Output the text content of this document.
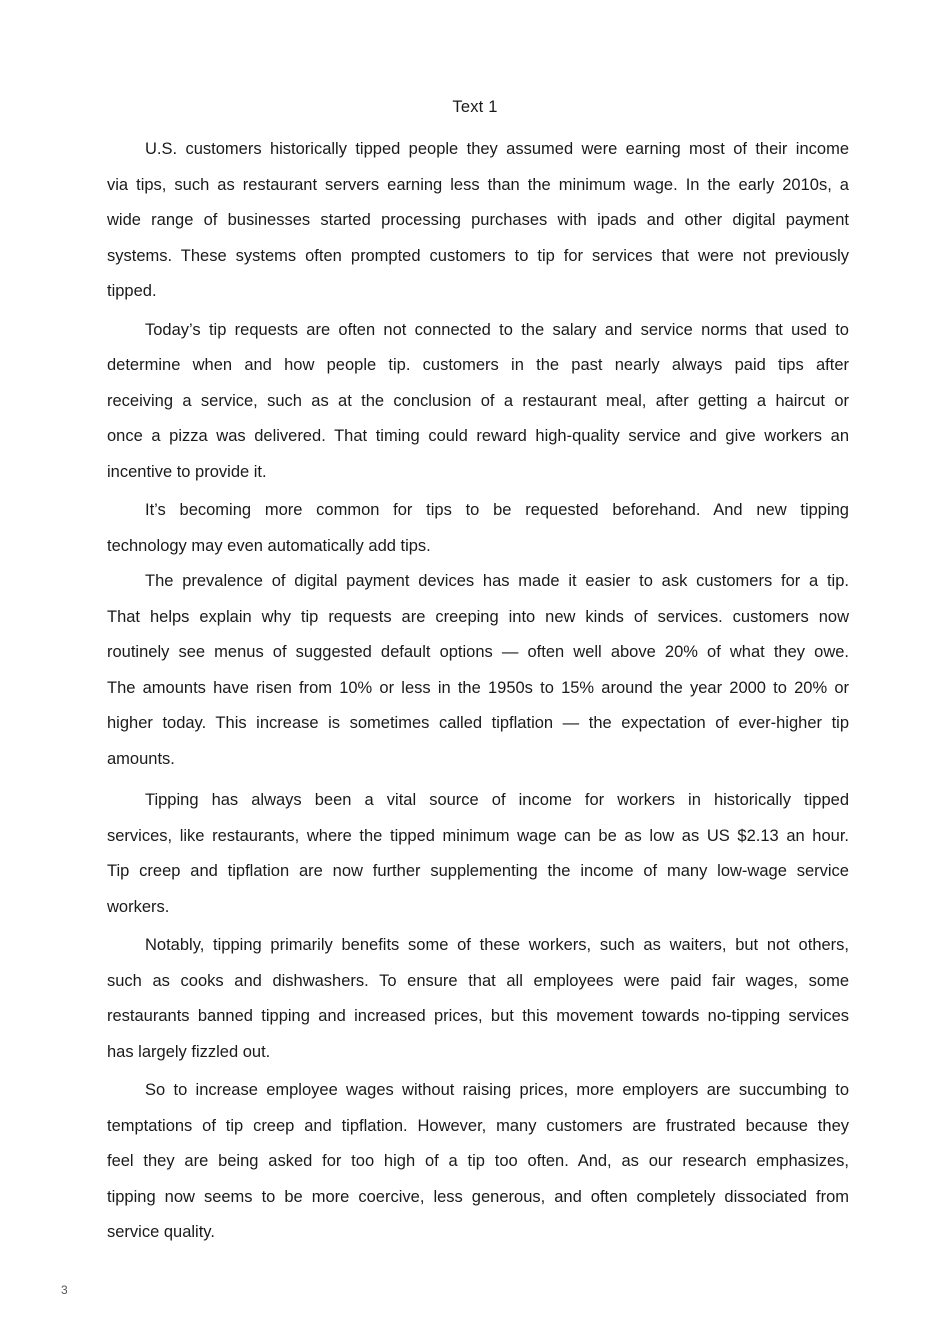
Text 1
U.S. customers historically tipped people they assumed were earning most of their income
via tips, such as restaurant servers earning less than the minimum wage. In the early 2010s, a
wide range of businesses started processing purchases with ipads and other digital payment
systems. These systems often prompted customers to tip for services that were not previously
tipped.
Today’s tip requests are often not connected to the salary and service norms that used to
determine when and how people tip. customers in the past nearly always paid tips after
receiving a service, such as at the conclusion of a restaurant meal, after getting a haircut or
once a pizza was delivered. That timing could reward high-quality service and give workers an
incentive to provide it.
It’s becoming more common for tips to be requested beforehand. And new tipping
technology may even automatically add tips.
The prevalence of digital payment devices has made it easier to ask customers for a tip.
That helps explain why tip requests are creeping into new kinds of services. customers now
routinely see menus of suggested default options — often well above 20% of what they owe.
The amounts have risen from 10% or less in the 1950s to 15% around the year 2000 to 20% or
higher today. This increase is sometimes called tipflation — the expectation of ever-higher tip
amounts.
Tipping has always been a vital source of income for workers in historically tipped
services, like restaurants, where the tipped minimum wage can be as low as US $2.13 an hour.
Tip creep and tipflation are now further supplementing the income of many low-wage service
workers.
Notably, tipping primarily benefits some of these workers, such as waiters, but not others,
such as cooks and dishwashers. To ensure that all employees were paid fair wages, some
restaurants banned tipping and increased prices, but this movement towards no-tipping services
has largely fizzled out.
So to increase employee wages without raising prices, more employers are succumbing to
temptations of tip creep and tipflation. However, many customers are frustrated because they
feel they are being asked for too high of a tip too often. And, as our research emphasizes,
tipping now seems to be more coercive, less generous, and often completely dissociated from
service quality.
3
